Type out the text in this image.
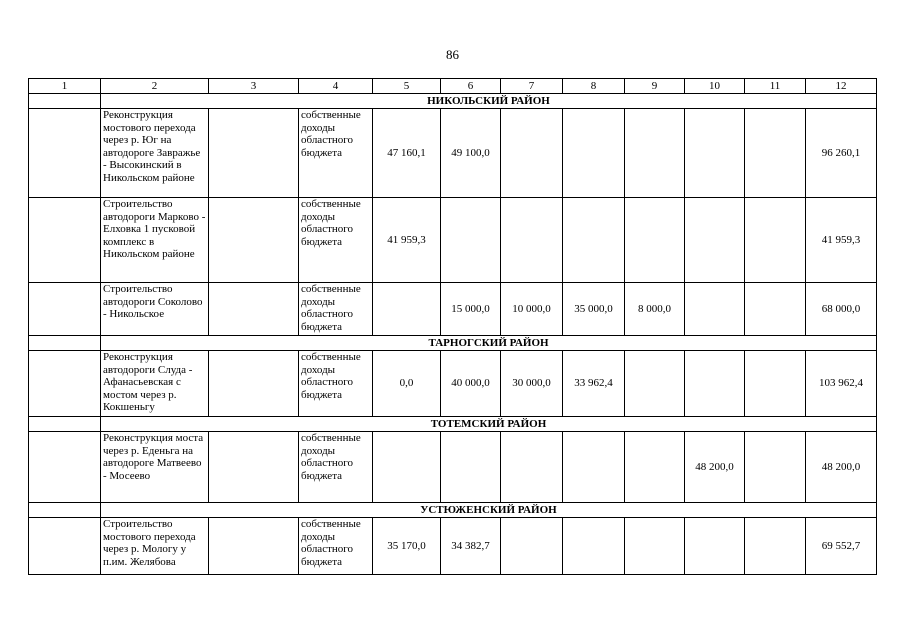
86
1	2	3	4	5	6	7	8	9	10	11	12
	НИКОЛЬСКИЙ РАЙОН										
	Реконструкция мостового перехода через р. Юг на автодороге Завражье - Высокинский в Никольском районе		собственные доходы областного бюджета	47 160,1	49 100,0						96 260,1
	Строительство автодороги Марково - Елховка 1 пусковой комплекс в Никольском районе		собственные доходы областного бюджета	41 959,3							41 959,3
	Строительство автодороги Соколово - Никольское		собственные доходы областного бюджета		15 000,0	10 000,0	35 000,0	8 000,0			68 000,0
	ТАРНОГСКИЙ РАЙОН										
	Реконструкция автодороги Слуда - Афанасьевская с мостом через р. Кокшеньгу		собственные доходы областного бюджета	0,0	40 000,0	30 000,0	33 962,4				103 962,4
	ТОТЕМСКИЙ РАЙОН										
	Реконструкция моста через р. Еденьга на автодороге Матвеево - Мосеево		собственные доходы областного бюджета						48 200,0		48 200,0
	УСТЮЖЕНСКИЙ РАЙОН										
	Строительство мостового перехода через р. Мологу у п.им. Желябова		собственные доходы областного бюджета	35 170,0	34 382,7						69 552,7
